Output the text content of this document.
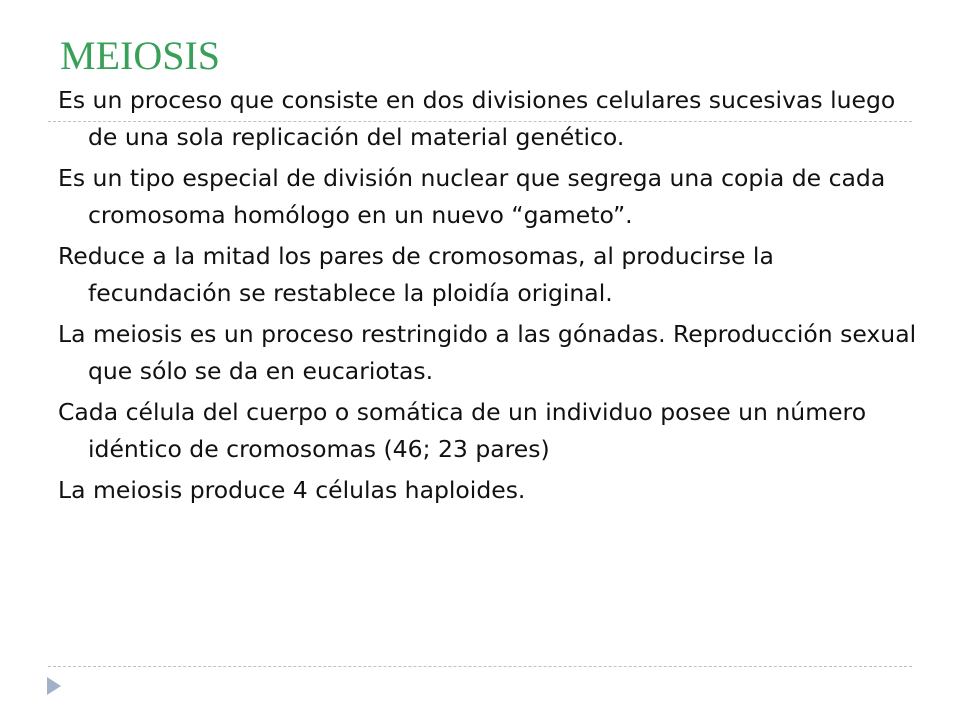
MEIOSIS
Es un proceso que consiste en dos divisiones celulares sucesivas luego de una sola replicación del material genético.
Es un tipo especial de división nuclear que segrega una copia de cada cromosoma homólogo en un nuevo “gameto”.
Reduce a la mitad los pares de cromosomas, al producirse la fecundación se restablece la ploidía original.
La meiosis es un proceso restringido a las gónadas. Reproducción sexual que sólo se da en eucariotas.
Cada célula del cuerpo o somática de un individuo posee un número idéntico de cromosomas (46; 23 pares)
La meiosis produce 4 células haploides.
